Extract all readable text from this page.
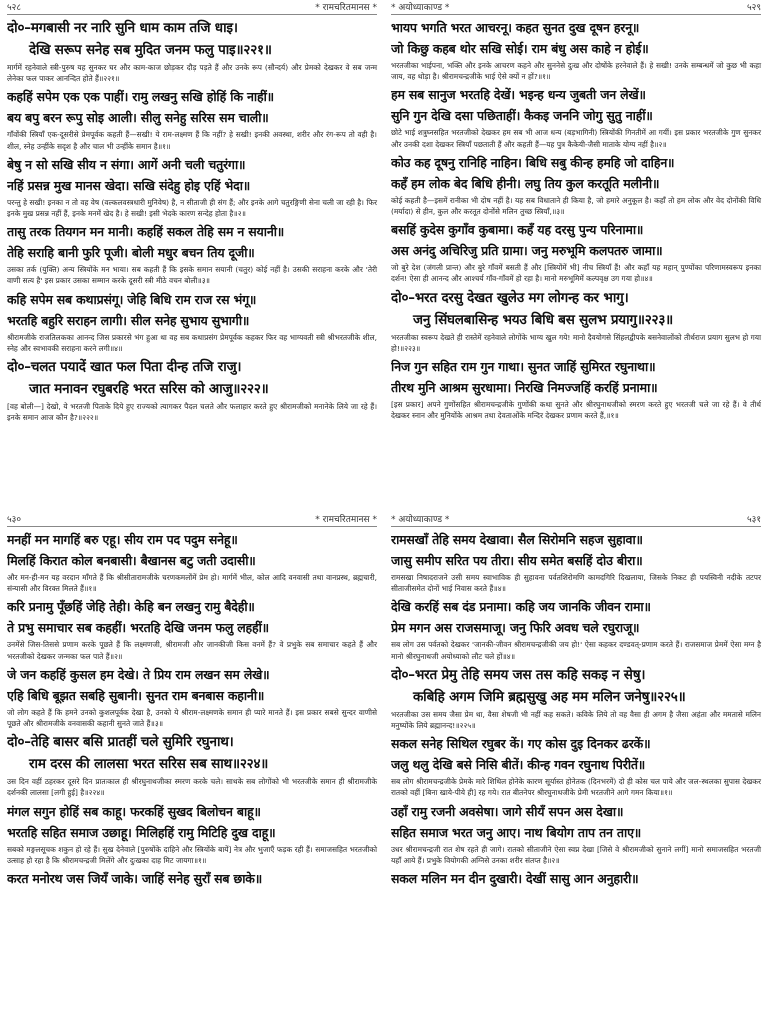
५२८	* रामचरितमानस *
दो०–मगबासी नर नारि सुनि धाम काम तजि धाइ।
देखि सरूप सनेह सब मुदित जनम फलु पाइ॥२२१॥
मार्गमें रहनेवाले स्त्री-पुरुष यह सुनकर घर और काम-काज छोड़कर दौड़ पड़ते हैं और उनके रूप (सौन्दर्य) और प्रेमको देखकर वे सब जन्म लेनेका फल पाकर आनन्दित होते हैं॥२२१॥
कहहिं सपेम एक एक पाहीं। रामु लखनु सखि होहिं कि नाहीं॥
बय बपु बरन रूपु सोइ आली। सीलु सनेहु सरिस सम चाली॥
गाँवोंकी स्त्रियाँ एक-दूसरीसे प्रेमपूर्वक कहती हैं—सखी! ये राम-लक्ष्मण हैं कि नहीं? हे सखी! इनकी अवस्था, शरीर और रंग-रूप तो वही है। शील, स्नेह उन्हींके सदृश है और चाल भी उन्हींके समान है॥१॥
बेषु न सो सखि सीय न संगा। आगें अनी चली चतुरंगा॥
नहिं प्रसन्न मुख मानस खेदा। सखि संदेहु होइ एहिं भेदा॥
परन्तु हे सखी! इनका न तो वह वेष (वल्कलवस्त्रधारी मुनिवेष) है, न सीताजी ही संग हैं; और इनके आगे चतुरङ्गिणी सेना चली जा रही है। फिर इनके मुख प्रसन्न नहीं हैं, इनके मनमें खेद है। हे सखी! इसी भेदके कारण सन्देह होता है॥२॥
तासु तरक तियगन मन मानी। कहहिं सकल तेहि सम न सयानी॥
तेहि सराहि बानी फुरि पूजी। बोली मधुर बचन तिय दूजी॥
उसका तर्क (युक्ति) अन्य स्त्रियोंके मन भाया। सब कहती हैं कि इसके समान सयानी (चतुर) कोई नहीं है। उसकी सराहना करके और 'तेरी वाणी सत्य है' इस प्रकार उसका सम्मान करके दूसरी स्त्री मीठे वचन बोली॥३॥
कहि सपेम सब कथाप्रसंगू। जेहि बिधि राम राज रस भंगू॥
भरतहि बहुरि सराहन लागी। सील सनेह सुभाय सुभागी॥
श्रीरामजीके राजतिलकका आनन्द जिस प्रकारसे भंग हुआ था वह सब कथाप्रसंग प्रेमपूर्वक कहकर फिर वह भाग्यवती स्त्री श्रीभरतजीके शील, स्नेह और स्वभावकी सराहना करने लगी॥४॥
दो०–चलत पयादें खात फल पिता दीन्ह तजि राजु।
जात मनावन रघुबरहि भरत सरिस को आजु॥२२२॥
[वह बोली—] देखो, ये भरतजी पिताके दिये हुए राज्यको त्यागकर पैदल चलते और फलाहार करते हुए श्रीरामजीको मनानेके लिये जा रहे हैं। इनके समान आज कौन है?॥२२२॥
* अयोध्याकाण्ड *	५२९
भायप भगति भरत आचरनू। कहत सुनत दुख दूषन हरनू॥
जो किछु कहब थोर सखि सोई। राम बंधु अस काहे न होई॥
भरतजीका भाईपना, भक्ति और इनके आचरण कहने और सुननेसे दुःख और दोषोंके हरनेवाले हैं। हे सखी! उनके सम्बन्धमें जो कुछ भी कहा जाय, वह थोड़ा है। श्रीरामचन्द्रजीके भाई ऐसे क्यों न हों?॥१॥
हम सब सानुज भरतहि देखें। भइन्ह धन्य जुबती जन लेखें॥
सुनि गुन देखि दसा पछिताहीं। कैकइ जननि जोगु सुतु नाहीं॥
छोटे भाई शत्रुघ्नसहित भरतजीको देखकर हम सब भी आज धन्य (बड़भागिनी) स्त्रियोंकी गिनतीमें आ गयीं। इस प्रकार भरतजीके गुण सुनकर और उनकी दशा देखकर स्त्रियाँ पछताती हैं और कहती हैं—यह पुत्र कैकेयी-जैसी माताके योग्य नहीं है॥२॥
कोउ कह दूषनु रानिहि नाहिन। बिधि सबु कीन्ह हमहि जो दाहिन॥
कहँ हम लोक बेद बिधि हीनी। लघु तिय कुल करतूति मलीनी॥
कोई कहती है—इसमें रानीका भी दोष नहीं है। यह सब विधाताने ही किया है, जो हमारे अनुकूल है। कहाँ तो हम लोक और वेद दोनोंकी विधि (मर्यादा) से हीन, कुल और करतूत दोनोंसे मलिन तुच्छ स्त्रियाँ,॥३॥
बसहिं कुदेस कुगाँव कुबामा। कहँ यह दरसु पुन्य परिनामा॥
अस अनंदु अचिरिजु प्रति ग्रामा। जनु मरुभूमि कलपतरु जामा॥
जो बुरे देश (जंगली प्रान्त) और बुरे गाँवमें बसती हैं और [स्त्रियोंमें भी] नीच स्त्रियाँ हैं! और कहाँ यह महान् पुण्योंका परिणामस्वरूप इनका दर्शन! ऐसा ही आनन्द और आश्चर्य गाँव-गाँवमें हो रहा है। मानो मरुभूमिमें कल्पवृक्ष उग गया हो॥४॥
दो०–भरत दरसु देखत खुलेउ मग लोगन्ह कर भागु।
जनु सिंघलबासिन्ह भयउ बिधि बस सुलभ प्रयागु॥२२३॥
भरतजीका स्वरूप देखते ही रास्तेमें रहनेवाले लोगोंके भाग्य खुल गये! मानो दैवयोगसे सिंहलद्वीपके बसनेवालोंको तीर्थराज प्रयाग सुलभ हो गया हो!॥२२३॥
निज गुन सहित राम गुन गाथा। सुनत जाहिं सुमिरत रघुनाथा॥
तीरथ मुनि आश्रम सुरधामा। निरखि निमज्जहिं करहिं प्रनामा॥
[इस प्रकार] अपने गुणोंसहित श्रीरामचन्द्रजीके गुणोंकी कथा सुनते और श्रीरघुनाथजीको स्मरण करते हुए भरतजी चले जा रहे हैं। वे तीर्थ देखकर स्नान और मुनियोंके आश्रम तथा देवताओंके मन्दिर देखकर प्रणाम करते हैं,॥१॥
५३०	* रामचरितमानस *
मनहीं मन मागहिं बरु एहू। सीय राम पद पदुम सनेहू॥
मिलहिं किरात कोल बनबासी। बैखानस बटु जती उदासी॥
और मन-ही-मन यह वरदान माँगते हैं कि श्रीसीतारामजीके चरणकमलोंमें प्रेम हो। मार्गमें भील, कोल आदि वनवासी तथा वानप्रस्थ, ब्रह्मचारी, संन्यासी और विरक्त मिलते हैं॥१॥
करि प्रनामु पूँछहिं जेहि तेही। केहि बन लखनु रामु बैदेही॥
ते प्रभु समाचार सब कहहीं। भरतहि देखि जनम फलु लहहीं॥
उनमेंसे जिस-तिससे प्रणाम करके पूछते हैं कि लक्ष्मणजी, श्रीरामजी और जानकीजी किस वनमें हैं? वे प्रभुके सब समाचार कहते हैं और भरतजीको देखकर जन्मका फल पाते हैं॥२॥
जे जन कहहिं कुसल हम देखे। ते प्रिय राम लखन सम लेखे॥
एहि बिधि बूझत सबहि सुबानी। सुनत राम बनबास कहानी॥
जो लोग कहते हैं कि हमने उनको कुशलपूर्वक देखा है, उनको ये श्रीराम-लक्ष्मणके समान ही प्यारे मानते हैं। इस प्रकार सबसे सुन्दर वाणीसे पूछते और श्रीरामजीके वनवासकी कहानी सुनते जाते हैं॥३॥
दो०–तेहि बासर बसि प्रातहीं चले सुमिरि रघुनाथ।
राम दरस की लालसा भरत सरिस सब साथ॥२२४॥
उस दिन वहीं ठहरकर दूसरे दिन प्रातःकाल ही श्रीरघुनाथजीका स्मरण करके चले। साथके सब लोगोंको भी भरतजीके समान ही श्रीरामजीके दर्शनकी लालसा [लगी हुई] है॥२२४॥
मंगल सगुन होहिं सब काहू। फरकहिं सुखद बिलोचन बाहू॥
भरतहि सहित समाज उछाहू। मिलिहहिं रामु मिटिहि दुख दाहू॥
सबको मङ्गलसूचक शकुन हो रहे हैं। सुख देनेवाले [पुरुषोंके दाहिने और स्त्रियोंके बायें] नेत्र और भुजाएँ फड़क रही हैं। समाजसहित भरतजीको उत्साह हो रहा है कि श्रीरामचन्द्रजी मिलेंगे और दुःखका दाह मिट जायगा॥१॥
करत मनोरथ जस जियँ जाके। जाहिं सनेह सुराँ सब छाके॥
* अयोध्याकाण्ड *	५३१
रामसखाँ तेहि समय देखावा। सैल सिरोमनि सहज सुहावा॥
जासु समीप सरित पय तीरा। सीय समेत बसहिं दोउ बीरा॥
रामसखा निषादराजने उसी समय स्वाभाविक ही सुहावना पर्वतशिरोमणि कामदगिरि दिखलाया, जिसके निकट ही पयस्विनी नदीके तटपर सीताजीसमेत दोनों भाई निवास करते हैं॥४॥
देखि करहिं सब दंड प्रनामा। कहि जय जानकि जीवन रामा॥
प्रेम मगन अस राजसमाजू। जनु फिरि अवध चले रघुराजू॥
सब लोग उस पर्वतको देखकर 'जानकी-जीवन श्रीरामचन्द्रजीकी जय हो!' ऐसा कहकर दण्डवत्-प्रणाम करते हैं। राजसमाज प्रेममें ऐसा मग्न है मानो श्रीरघुनाथजी अयोध्याको लौट चले हों॥४॥
दो०–भरत प्रेमु तेहि समय जस तस कहि सकइ न सेषु।
कबिहि अगम जिमि ब्रह्मसुखु अह मम मलिन जनेषु॥२२५॥
भरतजीका उस समय जैसा प्रेम था, वैसा शेषजी भी नहीं कह सकते। कविके लिये तो वह वैसा ही अगम है जैसा अहंता और ममतासे मलिन मनुष्योंके लिये ब्रह्मानन्द!॥२२५॥
सकल सनेह सिथिल रघुबर कें। गए कोस दुइ दिनकर ढरकें॥
जलु थलु देखि बसे निसि बीतें। कीन्ह गवन रघुनाथ पिरीतें॥
सब लोग श्रीरामचन्द्रजीके प्रेमके मारे शिथिल होनेके कारण सूर्यास्त होनेतक (दिनभरमें) दो ही कोस चल पाये और जल-स्थलका सुपास देखकर रातको वहीं [बिना खाये-पीये ही] रह गये। रात बीतनेपर श्रीरघुनाथजीके प्रेमी भरतजीने आगे गमन किया॥१॥
उहाँ रामु रजनी अवसेषा। जागे सीयँ सपन अस देखा॥
सहित समाज भरत जनु आए। नाथ बियोग ताप तन ताए॥
उधर श्रीरामचन्द्रजी रात शेष रहते ही जागे। रातको सीताजीने ऐसा स्वप्न देखा [जिसे वे श्रीरामजीको सुनाने लगीं] मानो समाजसहित भरतजी यहाँ आये हैं। प्रभुके वियोगकी अग्निसे उनका शरीर संतप्त है॥२॥
सकल मलिन मन दीन दुखारी। देखीं सासु आन अनुहारी॥
